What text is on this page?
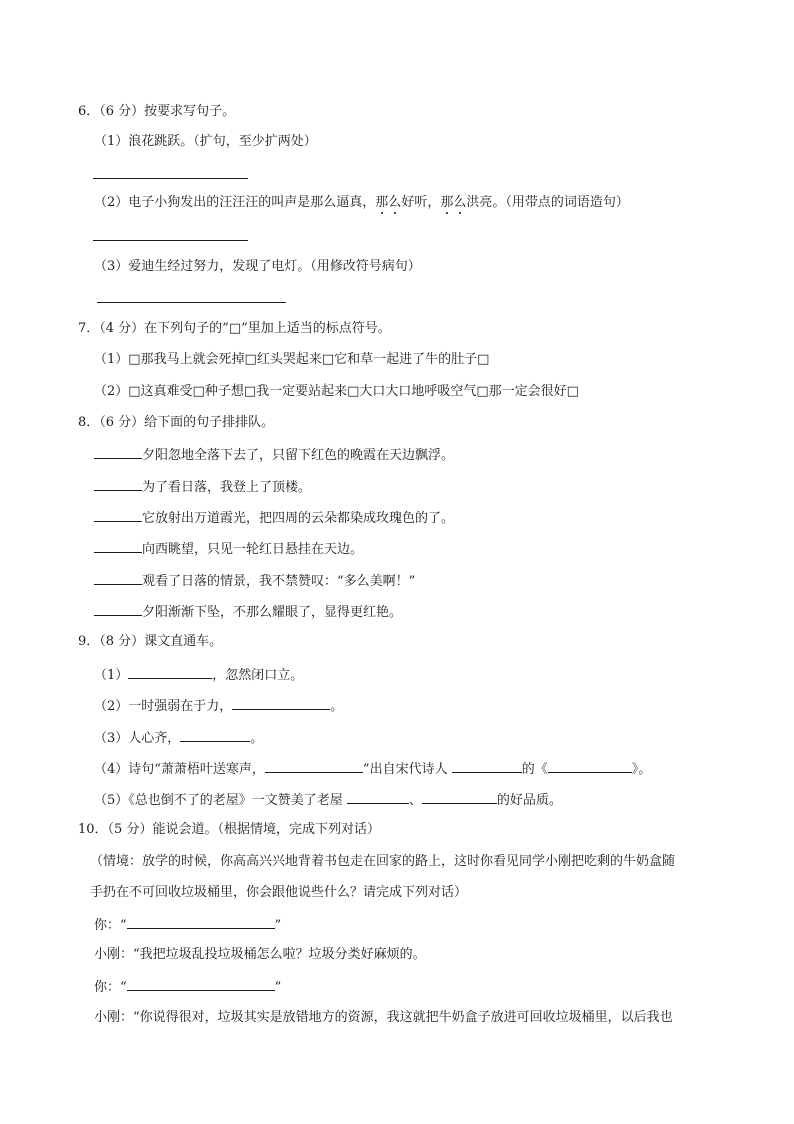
6．（6 分）按要求写句子。
（1）浪花跳跃。（扩句，至少扩两处）
（2）电子小狗发出的汪汪汪的叫声是那么逼真，那么好听，那么洪亮。（用带点的词语造句）
（3）爱迪生经过努力，发现了电灯。（用修改符号病句）
7．（4 分）在下列句子的“□”里加上适当的标点符号。
（1）□那我马上就会死掉□红头哭起来□它和草一起进了牛的肚子□
（2）□这真难受□种子想□我一定要站起来□大口大口地呼吸空气□那一定会很好□
8．（6 分）给下面的句子排排队。
夕阳忽地全落下去了，只留下红色的晚霞在天边飘浮。
为了看日落，我登上了顶楼。
它放射出万道霞光，把四周的云朵都染成玫瑰色的了。
向西眺望，只见一轮红日悬挂在天边。
观看了日落的情景，我不禁赞叹：“多么美啊！”
夕阳渐渐下坠，不那么耀眼了，显得更红艳。
9．（8 分）课文直通车。
（1）	，忽然闭口立。
（2）一时强弱在于力，	。
（3）人心齐，	。
（4）诗句“萧萧梧叶送寒声，	”出自宋代诗人	的《	》。
（5）《总也倒不了的老屋》一文赞美了老屋	、	的好品质。
10．（5 分）能说会道。（根据情境，完成下列对话）
（情境：放学的时候，你高高兴兴地背着书包走在回家的路上，这时你看见同学小刚把吃剩的牛奶盒随
手扔在不可回收垃圾桶里，你会跟他说些什么？请完成下列对话）
你：“	”
小刚：“我把垃圾乱投垃圾桶怎么啦？垃圾分类好麻烦的。
你：“	”
小刚：“你说得很对，垃圾其实是放错地方的资源，我这就把牛奶盒子放进可回收垃圾桶里，以后我也
